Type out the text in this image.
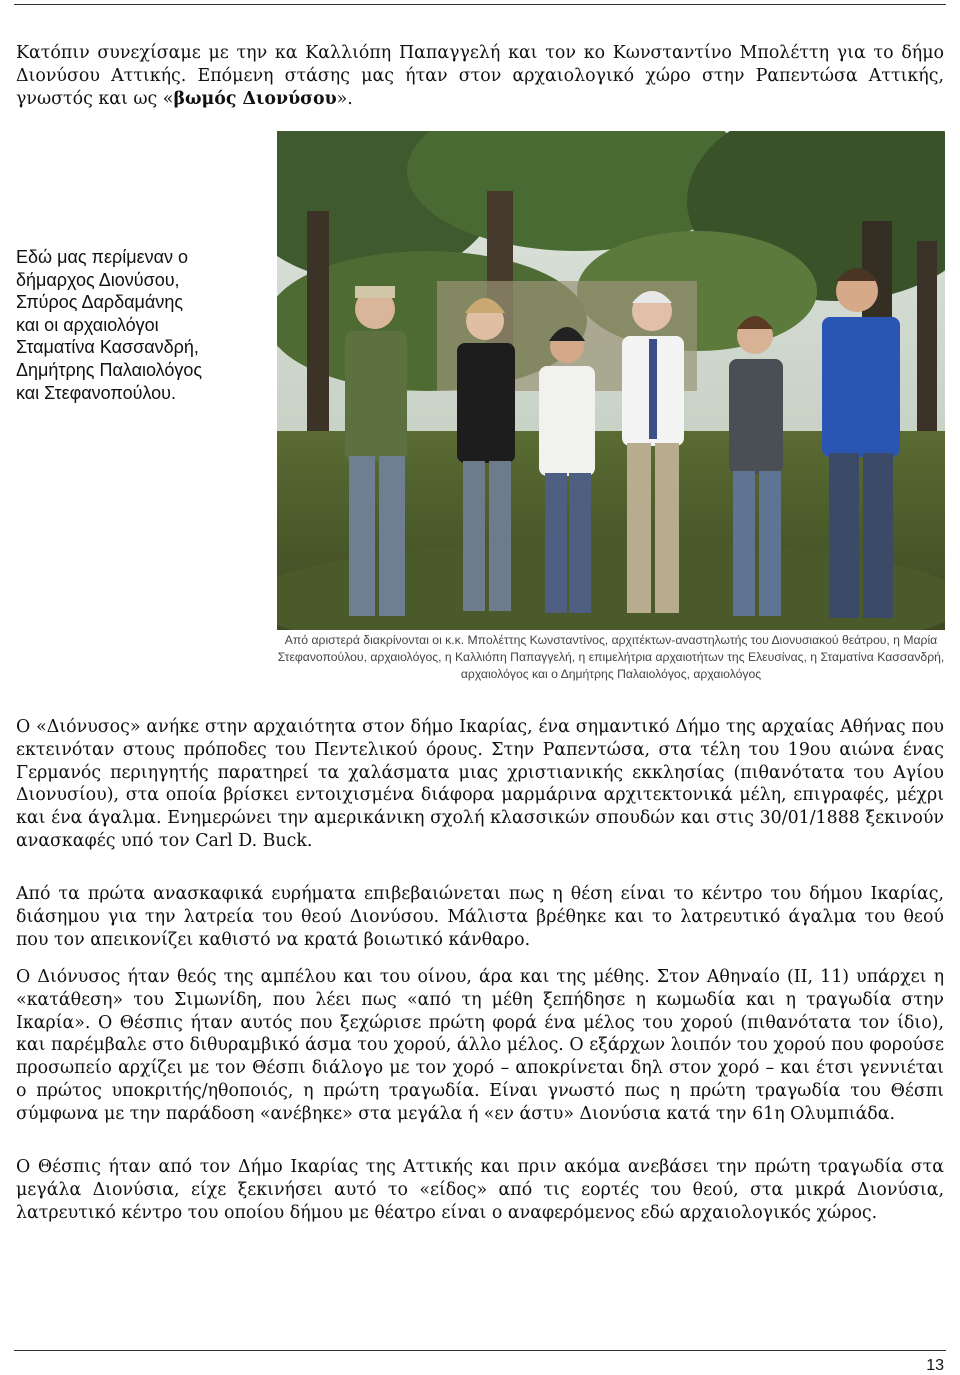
Κατόπιν συνεχίσαμε με την κα Καλλιόπη Παπαγγελή και τον κο Κωνσταντίνο Μπολέττη για το δήμο Διονύσου Αττικής. Επόμενη στάσης μας ήταν στον αρχαιολογικό χώρο στην Ραπεντώσα Αττικής, γνωστός και ως «βωμός Διονύσου».
Εδώ μας περίμεναν ο
δήμαρχος Διονύσου,
Σπύρος Δαρδαμάνης
και οι αρχαιολόγοι
Σταματίνα Κασσανδρή,
Δημήτρης Παλαιολόγος
και Στεφανοπούλου.
Από αριστερά διακρίνονται οι κ.κ. Μπολέττης Κωνσταντίνος, αρχιτέκτων-αναστηλωτής του Διονυσιακού θεάτρου, η Μαρία Στεφανοπούλου, αρχαιολόγος, η Καλλιόπη Παπαγγελή, η επιμελήτρια αρχαιοτήτων της Ελευσίνας, η Σταματίνα Κασσανδρή, αρχαιολόγος και ο Δημήτρης Παλαιολόγος, αρχαιολόγος
Ο «Διόνυσος» ανήκε στην αρχαιότητα στον δήμο Ικαρίας, ένα σημαντικό Δήμο της αρχαίας Αθήνας που εκτεινόταν στους πρόποδες του Πεντελικού όρους. Στην Ραπεντώσα, στα τέλη του 19ου αιώνα ένας Γερμανός περιηγητής παρατηρεί τα χαλάσματα μιας χριστιανικής εκκλησίας (πιθανότατα του Αγίου Διονυσίου), στα οποία βρίσκει εντοιχισμένα διάφορα μαρμάρινα αρχιτεκτονικά μέλη, επιγραφές, μέχρι και ένα άγαλμα. Ενημερώνει την αμερικάνικη σχολή κλασσικών σπουδών και στις 30/01/1888 ξεκινούν ανασκαφές υπό τον Carl D. Buck.
Από τα πρώτα ανασκαφικά ευρήματα επιβεβαιώνεται πως η θέση είναι το κέντρο του δήμου Ικαρίας, διάσημου για την λατρεία του θεού Διονύσου. Μάλιστα βρέθηκε και το λατρευτικό άγαλμα του θεού που τον απεικονίζει καθιστό να κρατά βοιωτικό κάνθαρο.
Ο Διόνυσος ήταν θεός της αμπέλου και του οίνου, άρα και της μέθης. Στον Αθηναίο (ΙΙ, 11) υπάρχει η «κατάθεση» του Σιμωνίδη, που λέει πως «από τη μέθη ξεπήδησε η κωμωδία και η τραγωδία στην Ικαρία». Ο Θέσπις ήταν αυτός που ξεχώρισε πρώτη φορά ένα μέλος του χορού (πιθανότατα τον ίδιο), και παρέμβαλε στο διθυραμβικό άσμα του χορού, άλλο μέλος. Ο εξάρχων λοιπόν του χορού που φορούσε προσωπείο αρχίζει με τον Θέσπι διάλογο με τον χορό – αποκρίνεται δηλ στον χορό – και έτσι γεννιέται ο πρώτος υποκριτής/ηθοποιός, η πρώτη τραγωδία. Είναι γνωστό πως η πρώτη τραγωδία του Θέσπι σύμφωνα με την παράδοση «ανέβηκε» στα μεγάλα ή «εν άστυ» Διονύσια κατά την 61η Ολυμπιάδα.
Ο Θέσπις ήταν από τον Δήμο Ικαρίας της Αττικής και πριν ακόμα ανεβάσει την πρώτη τραγωδία στα μεγάλα Διονύσια, είχε ξεκινήσει αυτό το «είδος» από τις εορτές του θεού, στα μικρά Διονύσια, λατρευτικό κέντρο του οποίου δήμου με θέατρο είναι ο αναφερόμενος εδώ αρχαιολογικός χώρος.
13
